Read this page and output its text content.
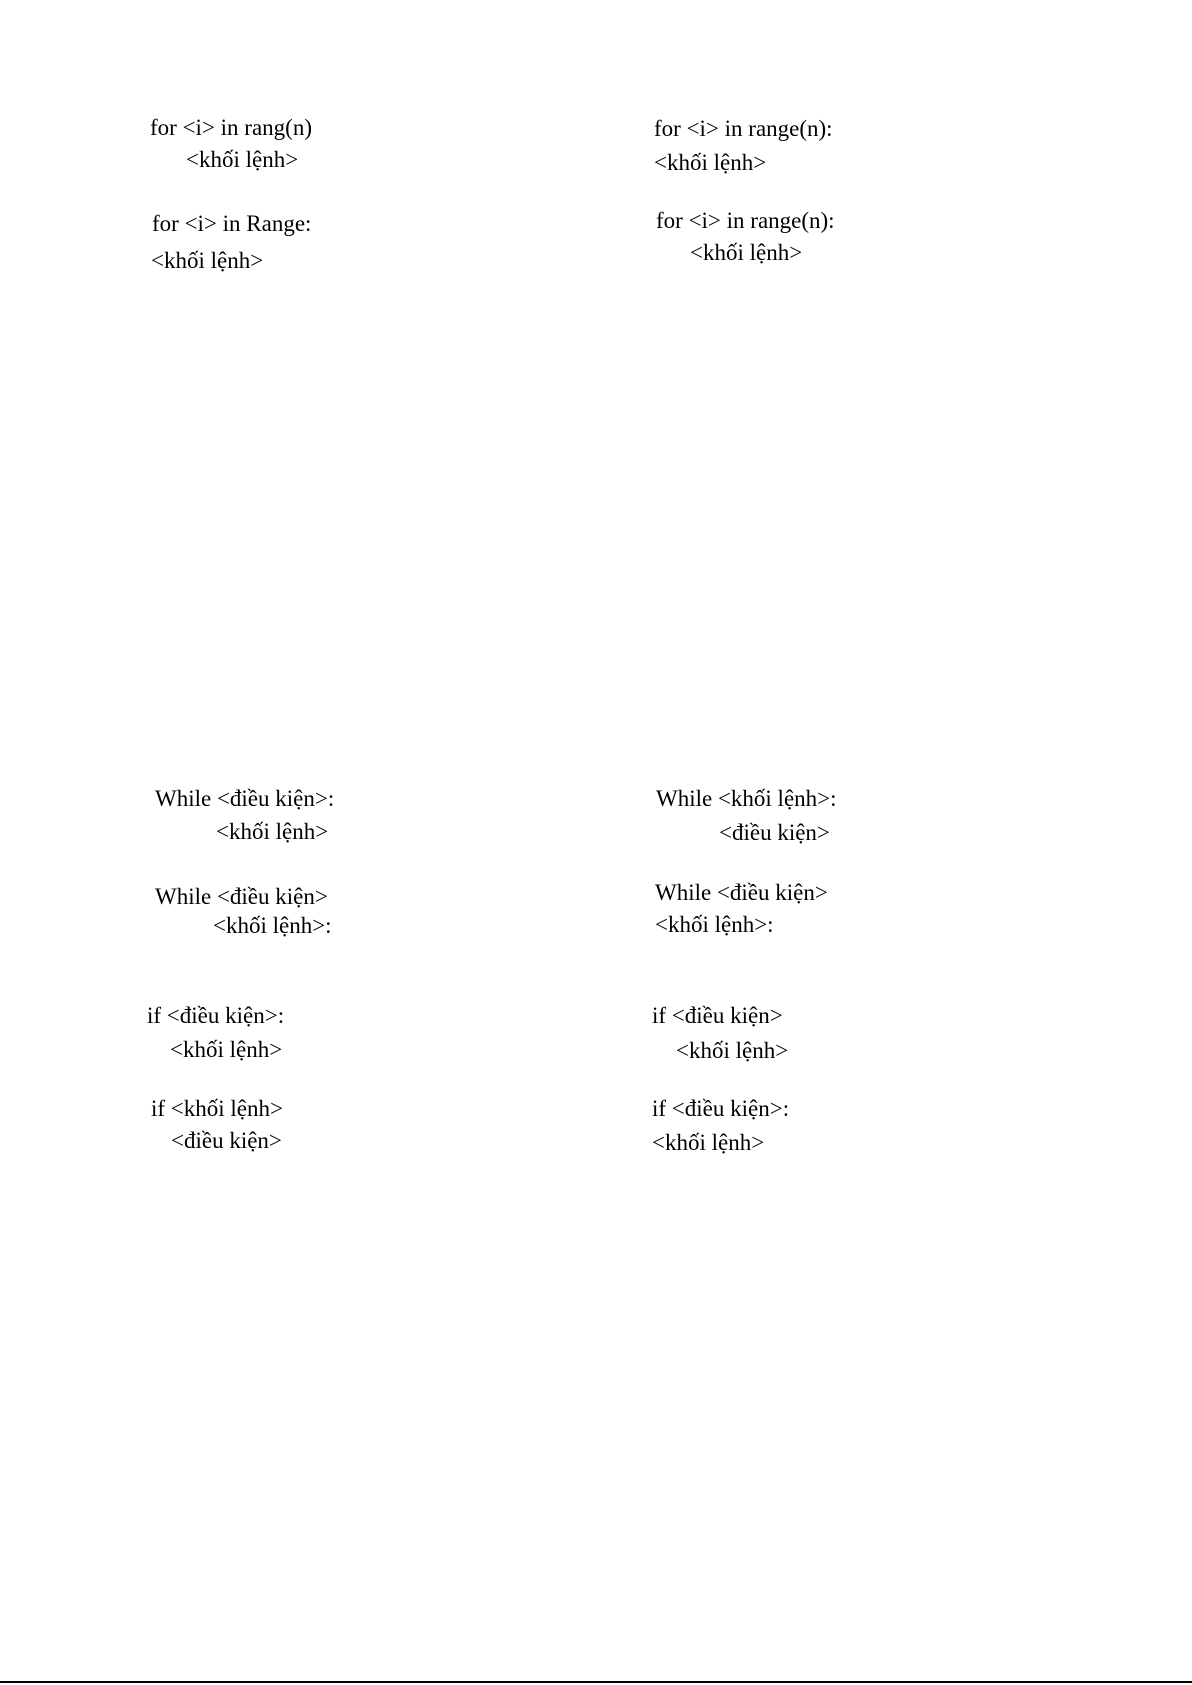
for <i> in rang(n)
<khối lệnh>
for <i> in range(n):
<khối lệnh>
for <i> in Range:
<khối lệnh>
for <i> in range(n):
<khối lệnh>
While <điều kiện>:
<khối lệnh>
While <khối lệnh>:
<điều kiện>
While <điều kiện>
<khối lệnh>:
While <điều kiện>
<khối lệnh>:
if <điều kiện>:
<khối lệnh>
if <điều kiện>
<khối lệnh>
if <khối lệnh>
<điều kiện>
if <điều kiện>:
<khối lệnh>
